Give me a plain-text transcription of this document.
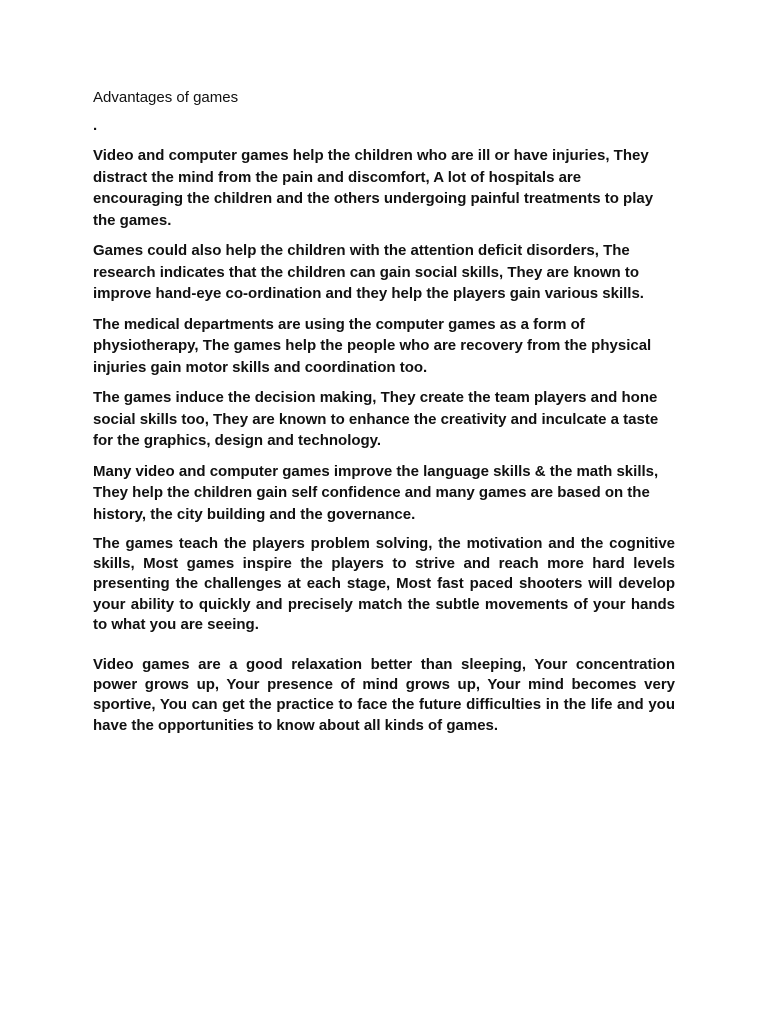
Advantages of games
.

Video and computer games help the children who are ill or have injuries, They distract the mind from the pain and discomfort, A lot of hospitals are encouraging the children and the others undergoing painful treatments to play the games.

Games could also help the children with the attention deficit disorders, The research indicates that the children can gain social skills, They are known to improve hand-eye co-ordination and they help the players gain various skills.

The medical departments are using the computer games as a form of physiotherapy, The games help the people who are recovery from the physical injuries gain motor skills and coordination too.

The games induce the decision making, They create the team players and hone social skills too, They are known to enhance the creativity and inculcate a taste for the graphics, design and technology.

Many video and computer games improve the language skills & the math skills, They help the children gain self confidence and many games are based on the history, the city building and the governance.

The games teach the players problem solving, the motivation and the cognitive skills, Most games inspire the players to strive and reach more hard levels presenting the challenges at each stage, Most fast paced shooters will develop your ability to quickly and precisely match the subtle movements of your hands to what you are seeing.

Video games are a good relaxation better than sleeping, Your concentration power grows up, Your presence of mind grows up, Your mind becomes very sportive, You can get the practice to face the future difficulties in the life and you have the opportunities to know about all kinds of games.
